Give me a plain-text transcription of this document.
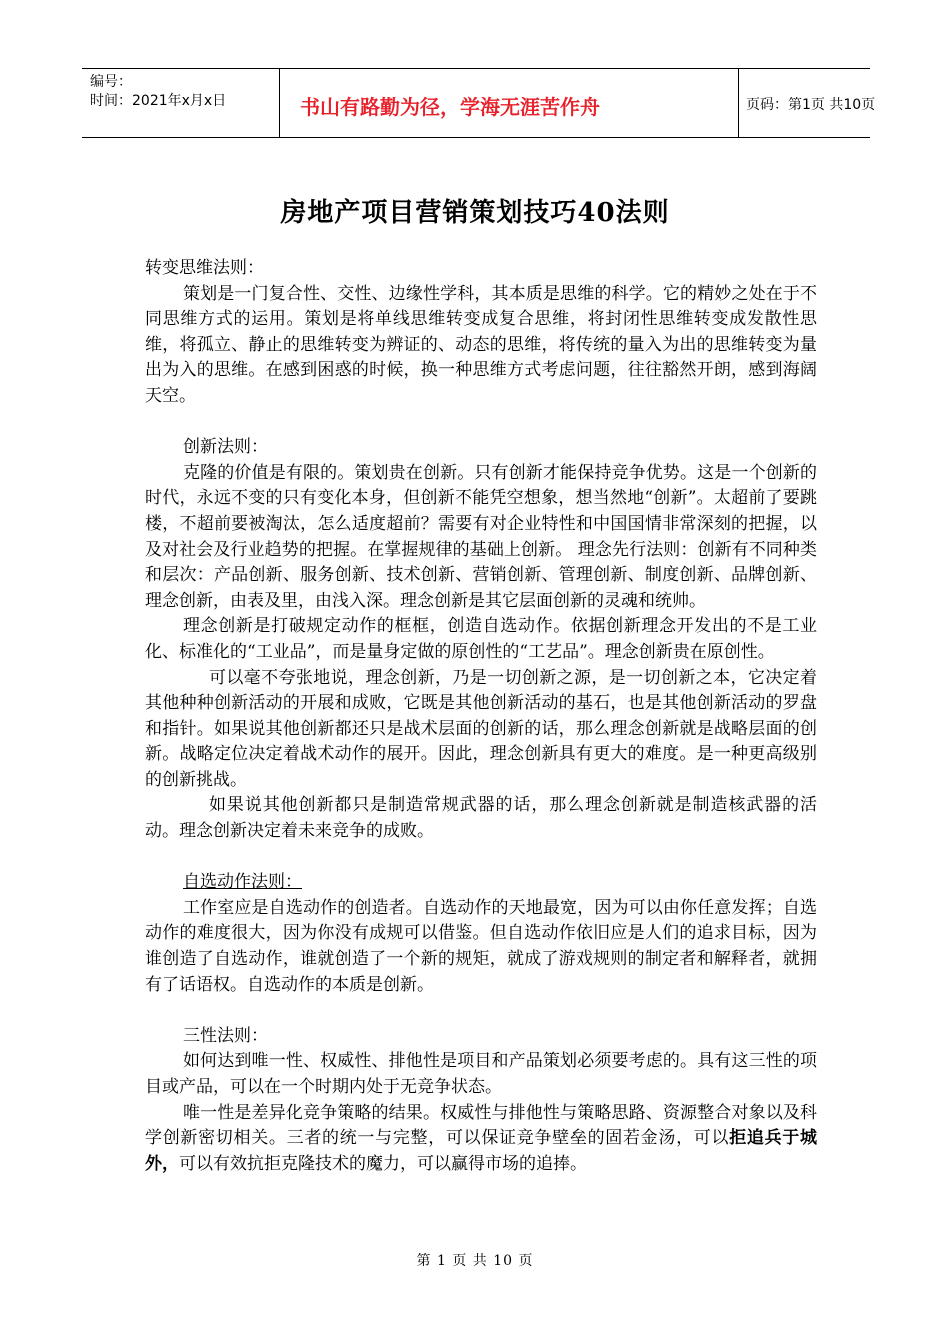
编号：
时间：2021年x月x日	书山有路勤为径，学海无涯苦作舟	页码：第1页 共10页
房地产项目营销策划技巧40法则

转变思维法则：

策划是一门复合性、交性、边缘性学科，其本质是思维的科学。它的精妙之处在于不同思维方式的运用。策划是将单线思维转变成复合思维，将封闭性思维转变成发散性思维，将孤立、静止的思维转变为辨证的、动态的思维，将传统的量入为出的思维转变为量出为入的思维。在感到困惑的时候，换一种思维方式考虑问题，往往豁然开朗，感到海阔天空。

创新法则：

克隆的价值是有限的。策划贵在创新。只有创新才能保持竞争优势。这是一个创新的时代，永远不变的只有变化本身，但创新不能凭空想象，想当然地“创新”。太超前了要跳楼，不超前要被淘汰，怎么适度超前？需要有对企业特性和中国国情非常深刻的把握，以及对社会及行业趋势的把握。在掌握规律的基础上创新。 理念先行法则：创新有不同种类和层次：产品创新、服务创新、技术创新、营销创新、管理创新、制度创新、品牌创新、理念创新，由表及里，由浅入深。理念创新是其它层面创新的灵魂和统帅。

理念创新是打破规定动作的框框，创造自选动作。依据创新理念开发出的不是工业化、标准化的“工业品”，而是量身定做的原创性的“工艺品”。理念创新贵在原创性。

可以毫不夸张地说，理念创新，乃是一切创新之源，是一切创新之本，它决定着其他种种创新活动的开展和成败，它既是其他创新活动的基石，也是其他创新活动的罗盘和指针。如果说其他创新都还只是战术层面的创新的话，那么理念创新就是战略层面的创新。战略定位决定着战术动作的展开。因此，理念创新具有更大的难度。是一种更高级别的创新挑战。

如果说其他创新都只是制造常规武器的话，那么理念创新就是制造核武器的活动。理念创新决定着未来竞争的成败。

自选动作法则：

工作室应是自选动作的创造者。自选动作的天地最宽，因为可以由你任意发挥；自选动作的难度很大，因为你没有成规可以借鉴。但自选动作依旧应是人们的追求目标，因为谁创造了自选动作，谁就创造了一个新的规矩，就成了游戏规则的制定者和解释者，就拥有了话语权。自选动作的本质是创新。

三性法则：

如何达到唯一性、权威性、排他性是项目和产品策划必须要考虑的。具有这三性的项目或产品，可以在一个时期内处于无竞争状态。

唯一性是差异化竞争策略的结果。权威性与排他性与策略思路、资源整合对象以及科学创新密切相关。三者的统一与完整，可以保证竞争壁垒的固若金汤，可以拒追兵于城外，可以有效抗拒克隆技术的魔力，可以赢得市场的追捧。

第 1 页 共 10 页
